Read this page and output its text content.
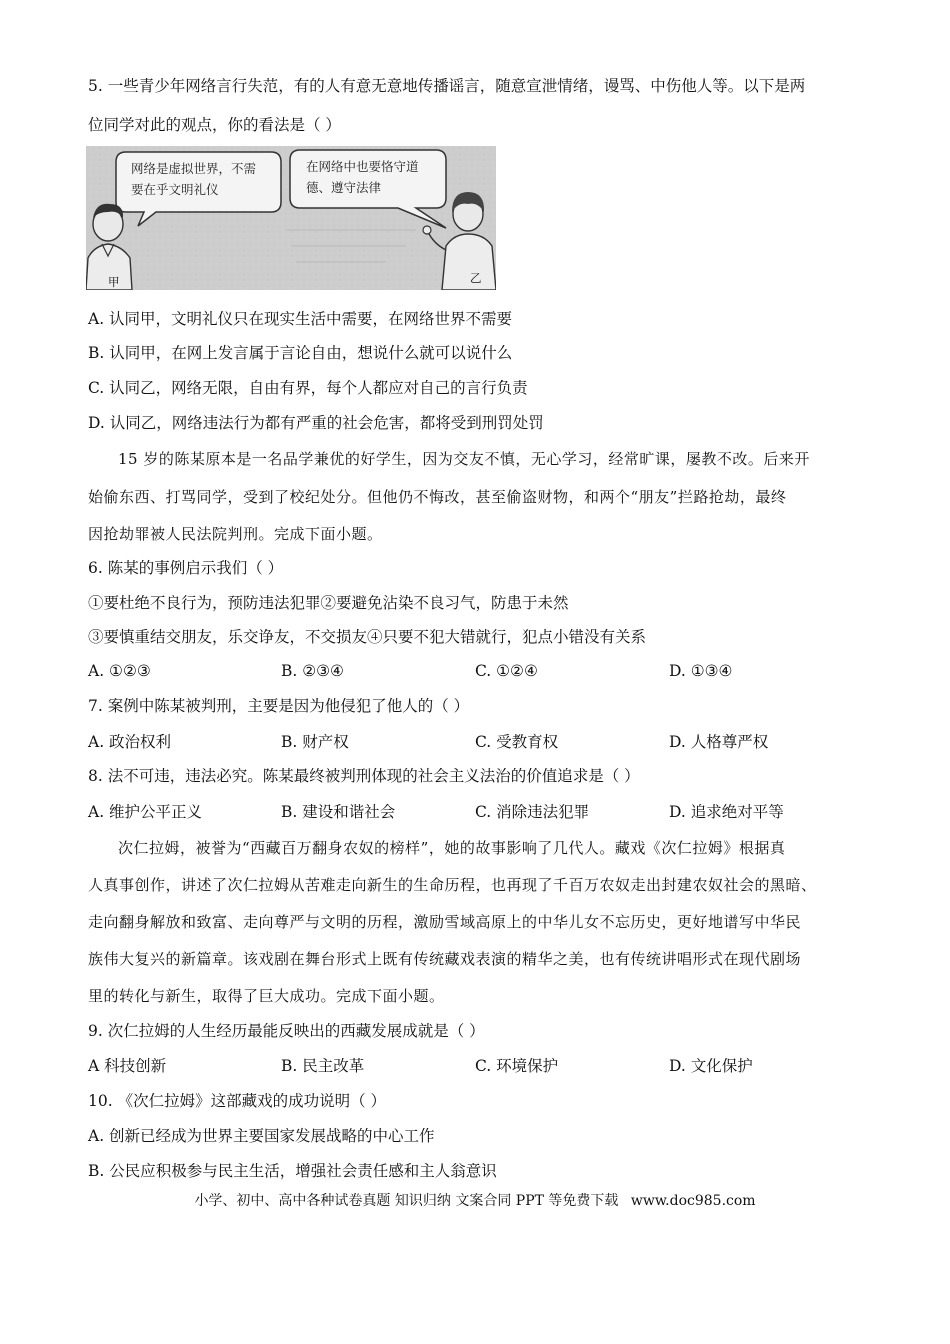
5. 一些青少年网络言行失范，有的人有意无意地传播谣言，随意宣泄情绪，谩骂、中伤他人等。以下是两
位同学对此的观点，你的看法是（ ）
网络是虚拟世界，不需
要在乎文明礼仪
在网络中也要恪守道
德、遵守法律
甲	乙
A. 认同甲，文明礼仪只在现实生活中需要，在网络世界不需要
B. 认同甲，在网上发言属于言论自由，想说什么就可以说什么
C. 认同乙，网络无限，自由有界，每个人都应对自己的言行负责
D. 认同乙，网络违法行为都有严重的社会危害，都将受到刑罚处罚
15 岁的陈某原本是一名品学兼优的好学生，因为交友不慎，无心学习，经常旷课，屡教不改。后来开
始偷东西、打骂同学，受到了校纪处分。但他仍不悔改，甚至偷盗财物，和两个“朋友”拦路抢劫，最终
因抢劫罪被人民法院判刑。完成下面小题。
6. 陈某的事例启示我们（ ）
①要杜绝不良行为，预防违法犯罪②要避免沾染不良习气，防患于未然
③要慎重结交朋友，乐交诤友，不交损友④只要不犯大错就行，犯点小错没有关系
A. ①②③	B. ②③④	C. ①②④	D. ①③④
7. 案例中陈某被判刑，主要是因为他侵犯了他人的（ ）
A. 政治权利	B. 财产权	C. 受教育权	D. 人格尊严权
8. 法不可违，违法必究。陈某最终被判刑体现的社会主义法治的价值追求是（ ）
A. 维护公平正义	B. 建设和谐社会	C. 消除违法犯罪	D. 追求绝对平等
次仁拉姆，被誉为“西藏百万翻身农奴的榜样”，她的故事影响了几代人。藏戏《次仁拉姆》根据真
人真事创作，讲述了次仁拉姆从苦难走向新生的生命历程，也再现了千百万农奴走出封建农奴社会的黑暗、
走向翻身解放和致富、走向尊严与文明的历程，激励雪域高原上的中华儿女不忘历史，更好地谱写中华民
族伟大复兴的新篇章。该戏剧在舞台形式上既有传统藏戏表演的精华之美，也有传统讲唱形式在现代剧场
里的转化与新生，取得了巨大成功。完成下面小题。
9. 次仁拉姆的人生经历最能反映出的西藏发展成就是（ ）
A 科技创新	B. 民主改革	C. 环境保护	D. 文化保护
10. 《次仁拉姆》这部藏戏的成功说明（ ）
A. 创新已经成为世界主要国家发展战略的中心工作
B. 公民应积极参与民主生活，增强社会责任感和主人翁意识
小学、初中、高中各种试卷真题 知识归纳 文案合同 PPT 等免费下载 www.doc985.com
